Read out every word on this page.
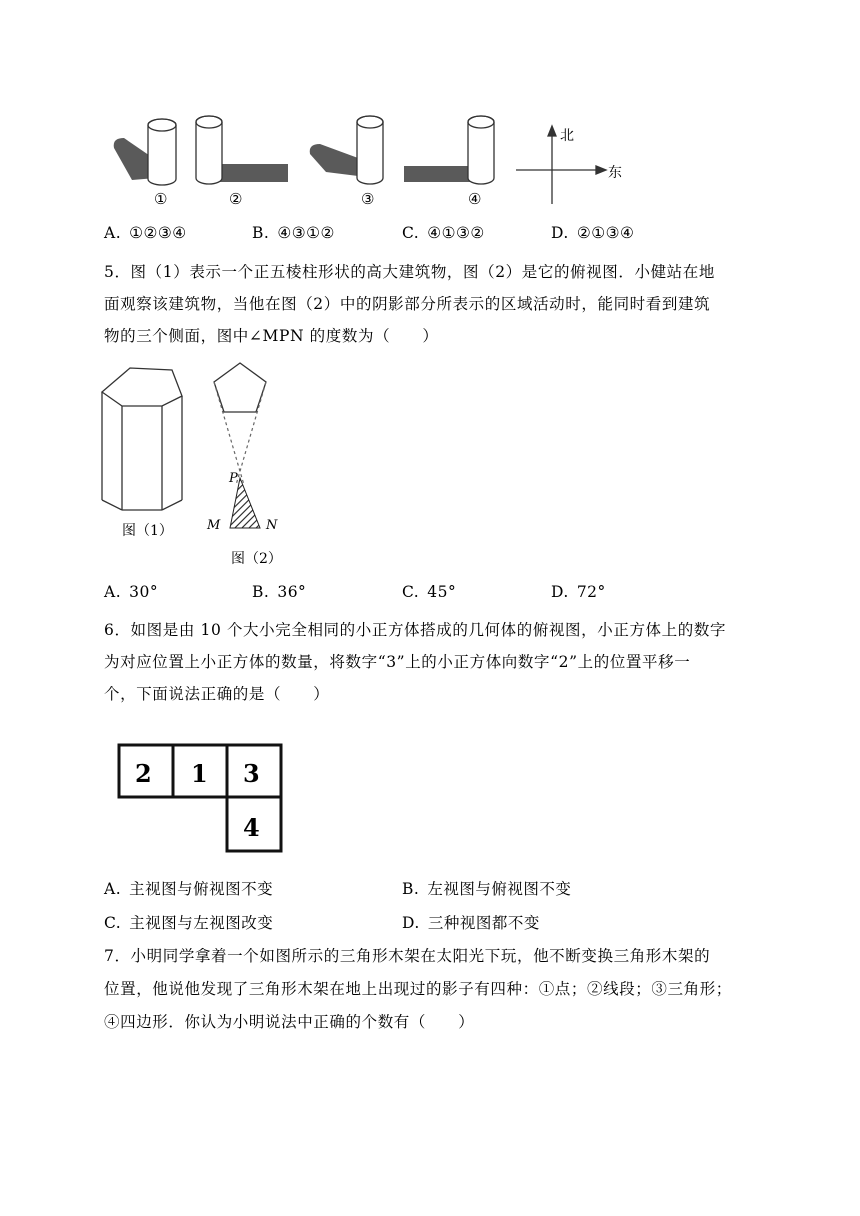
①	②	③	④
北
东
A. ①②③④	B. ④③①②	C. ④①③②	D. ②①③④
5．图（1）表示一个正五棱柱形状的高大建筑物，图（2）是它的俯视图．小健站在地
面观察该建筑物，当他在图（2）中的阴影部分所表示的区域活动时，能同时看到建筑
物的三个侧面，图中∠MPN 的度数为（　　）
P
M	N
图（1）
图（2）
A. 30°	B. 36°	C. 45°	D. 72°
6．如图是由 10 个大小完全相同的小正方体搭成的几何体的俯视图，小正方体上的数字
为对应位置上小正方体的数量，将数字“3”上的小正方体向数字“2”上的位置平移一
个，下面说法正确的是（　　）
2 1 3
4
A. 主视图与俯视图不变	B. 左视图与俯视图不变
C. 主视图与左视图改变	D. 三种视图都不变
7．小明同学拿着一个如图所示的三角形木架在太阳光下玩，他不断变换三角形木架的
位置，他说他发现了三角形木架在地上出现过的影子有四种：①点；②线段；③三角形；
④四边形．你认为小明说法中正确的个数有（　　）
